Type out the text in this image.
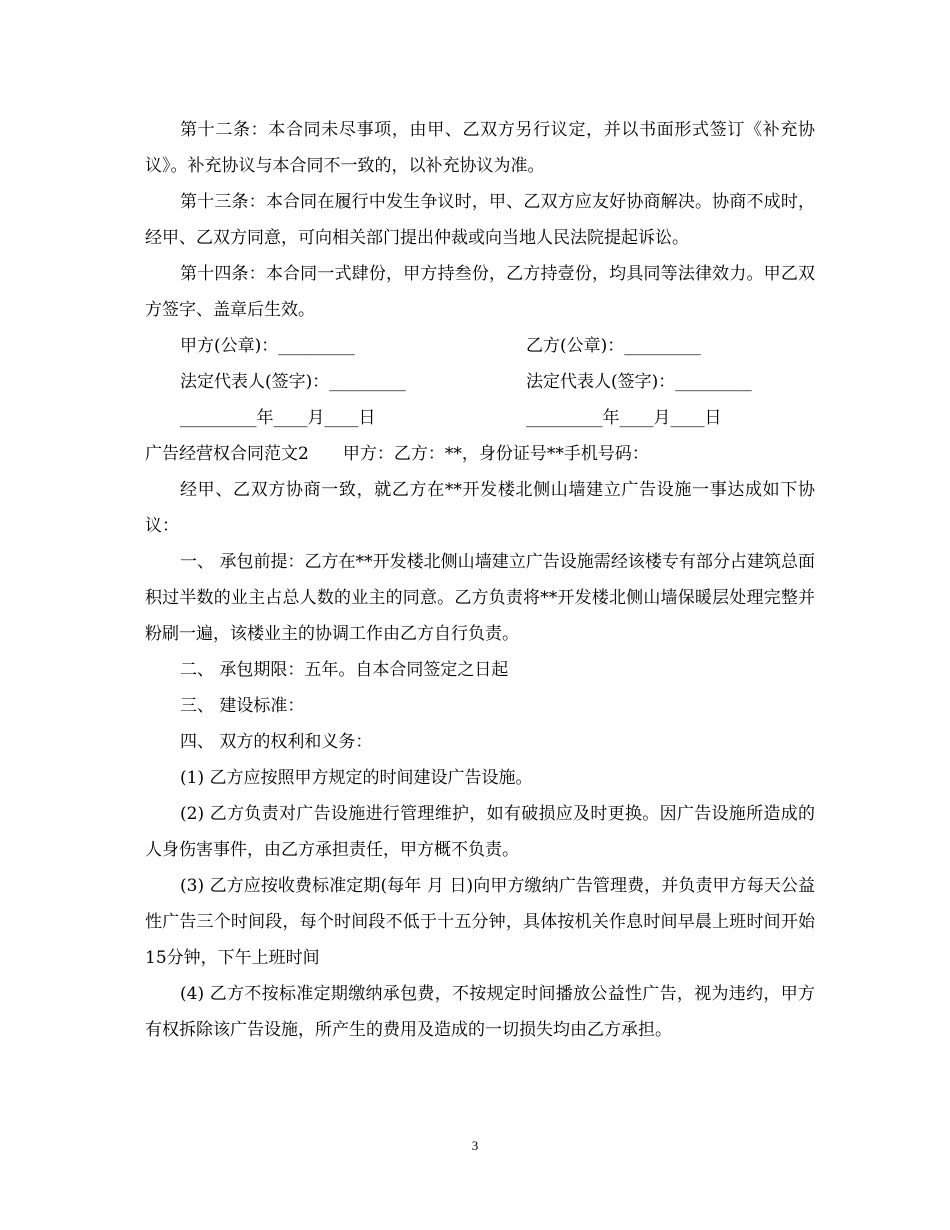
第十二条：本合同未尽事项，由甲、乙双方另行议定，并以书面形式签订《补充协议》。补充协议与本合同不一致的，以补充协议为准。

第十三条：本合同在履行中发生争议时，甲、乙双方应友好协商解决。协商不成时，经甲、乙双方同意，可向相关部门提出仲裁或向当地人民法院提起诉讼。

第十四条：本合同一式肆份，甲方持叁份，乙方持壹份，均具同等法律效力。甲乙双方签字、盖章后生效。

甲方(公章)：_________	乙方(公章)：_________
法定代表人(签字)：_________	法定代表人(签字)：_________
_________年____月____日	_________年____月____日

广告经营权合同范文2　　甲方：乙方：**，身份证号**手机号码：

经甲、乙双方协商一致，就乙方在**开发楼北侧山墙建立广告设施一事达成如下协议：

一、 承包前提：乙方在**开发楼北侧山墙建立广告设施需经该楼专有部分占建筑总面积过半数的业主占总人数的业主的同意。乙方负责将**开发楼北侧山墙保暖层处理完整并粉刷一遍，该楼业主的协调工作由乙方自行负责。

二、 承包期限：五年。自本合同签定之日起

三、 建设标准：

四、 双方的权利和义务：

(1) 乙方应按照甲方规定的时间建设广告设施。

(2) 乙方负责对广告设施进行管理维护，如有破损应及时更换。因广告设施所造成的人身伤害事件，由乙方承担责任，甲方概不负责。

(3) 乙方应按收费标准定期(每年 月 日)向甲方缴纳广告管理费，并负责甲方每天公益性广告三个时间段，每个时间段不低于十五分钟，具体按机关作息时间早晨上班时间开始15分钟，下午上班时间

(4) 乙方不按标准定期缴纳承包费，不按规定时间播放公益性广告，视为违约，甲方有权拆除该广告设施，所产生的费用及造成的一切损失均由乙方承担。

3
